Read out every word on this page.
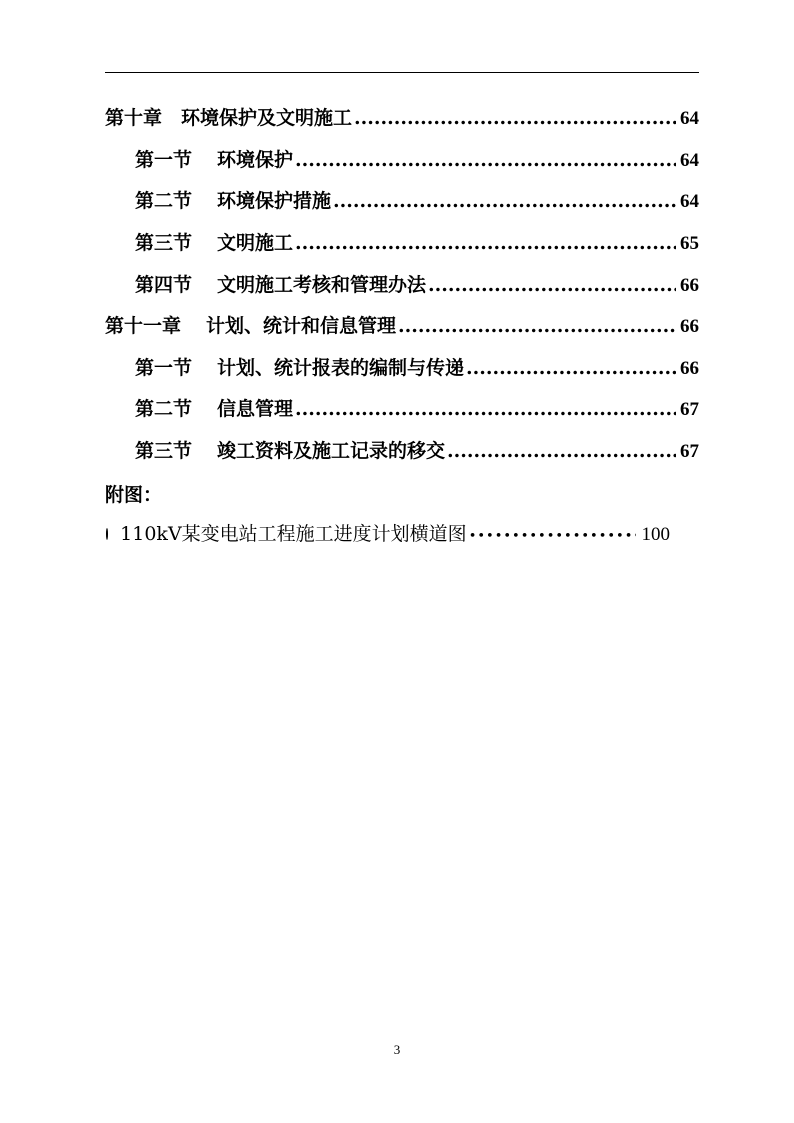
第十章 环境保护及文明施工 .....	64
第一节 环境保护 .....	64
第二节 环境保护措施 .....	64
第三节 文明施工 .....	65
第四节 文明施工考核和管理办法 .....	66
第十一章 计划、统计和信息管理 .....	66
第一节 计划、统计报表的编制与传递 .....	66
第二节 信息管理 .....	67
第三节 竣工资料及施工记录的移交 .....	67
附图：
110kV某变电站工程施工进度计划横道图 •••••	100
3
